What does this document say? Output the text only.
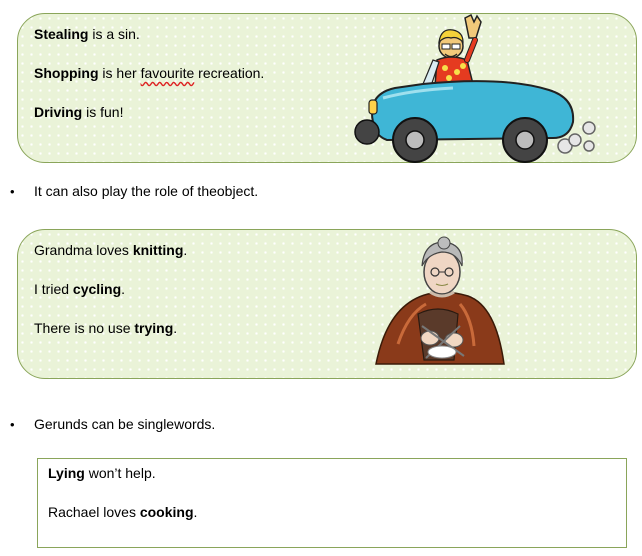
Stealing is a sin.
Shopping is her favourite recreation.
Driving is fun!
• It can also play the role of theobject.
Grandma loves knitting.
I tried cycling.
There is no use trying.
• Gerunds can be singlewords.
Lying won’t help.
Rachael loves cooking.
